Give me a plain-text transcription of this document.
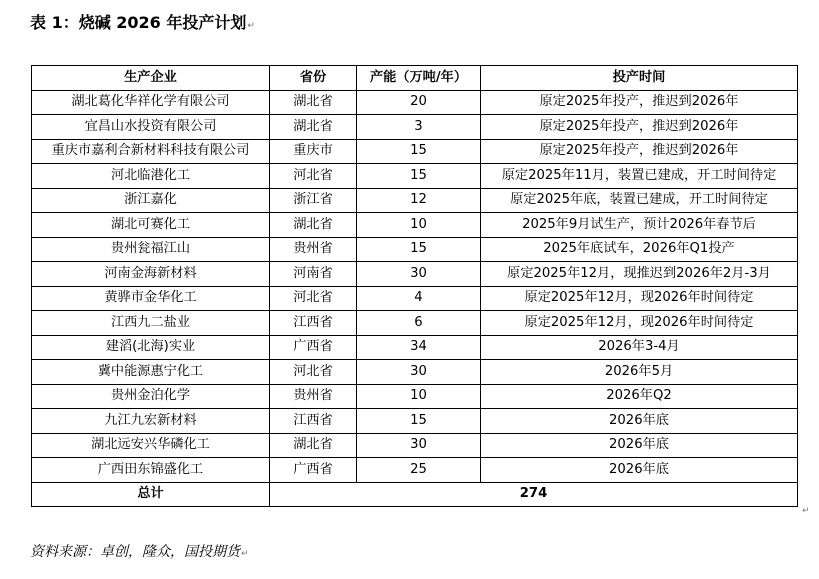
表 1：烧碱 2026 年投产计划↵
生产企业	省份	产能（万吨/年）	投产时间
湖北葛化华祥化学有限公司	湖北省	20	原定2025年投产，推迟到2026年
宜昌山水投资有限公司	湖北省	3	原定2025年投产，推迟到2026年
重庆市嘉利合新材料科技有限公司	重庆市	15	原定2025年投产，推迟到2026年
河北临港化工	河北省	15	原定2025年11月，装置已建成，开工时间待定
浙江嘉化	浙江省	12	原定2025年底，装置已建成，开工时间待定
湖北可赛化工	湖北省	10	2025年9月试生产，预计2026年春节后
贵州瓮福江山	贵州省	15	2025年底试车，2026年Q1投产
河南金海新材料	河南省	30	原定2025年12月，现推迟到2026年2月-3月
黄骅市金华化工	河北省	4	原定2025年12月，现2026年时间待定
江西九二盐业	江西省	6	原定2025年12月，现2026年时间待定
建滔(北海)实业	广西省	34	2026年3-4月
冀中能源惠宁化工	河北省	30	2026年5月
贵州金泊化学	贵州省	10	2026年Q2
九江九宏新材料	江西省	15	2026年底
湖北远安兴华磷化工	湖北省	30	2026年底
广西田东锦盛化工	广西省	25	2026年底
总计	274		
↵
资料来源：卓创，隆众，国投期货↵
